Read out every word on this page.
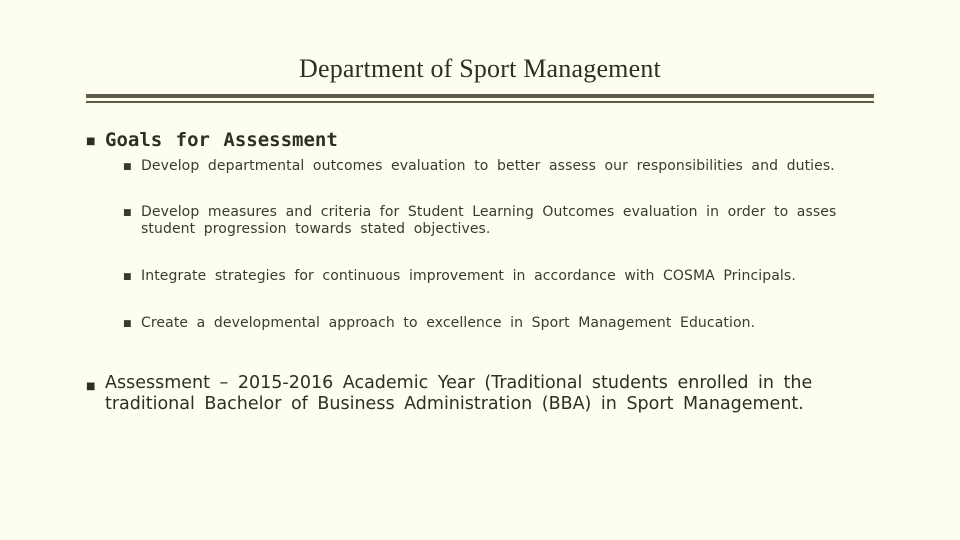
Department of Sport Management
■ Goals for Assessment
■ Develop departmental outcomes evaluation to better assess our responsibilities and duties.
■ Develop measures and criteria for Student Learning Outcomes evaluation in order to asses student progression towards stated objectives.
■ Integrate strategies for continuous improvement in accordance with COSMA Principals.
■ Create a developmental approach to excellence in Sport Management Education.
■ Assessment – 2015-2016 Academic Year (Traditional students enrolled in the traditional Bachelor of Business Administration (BBA) in Sport Management.
